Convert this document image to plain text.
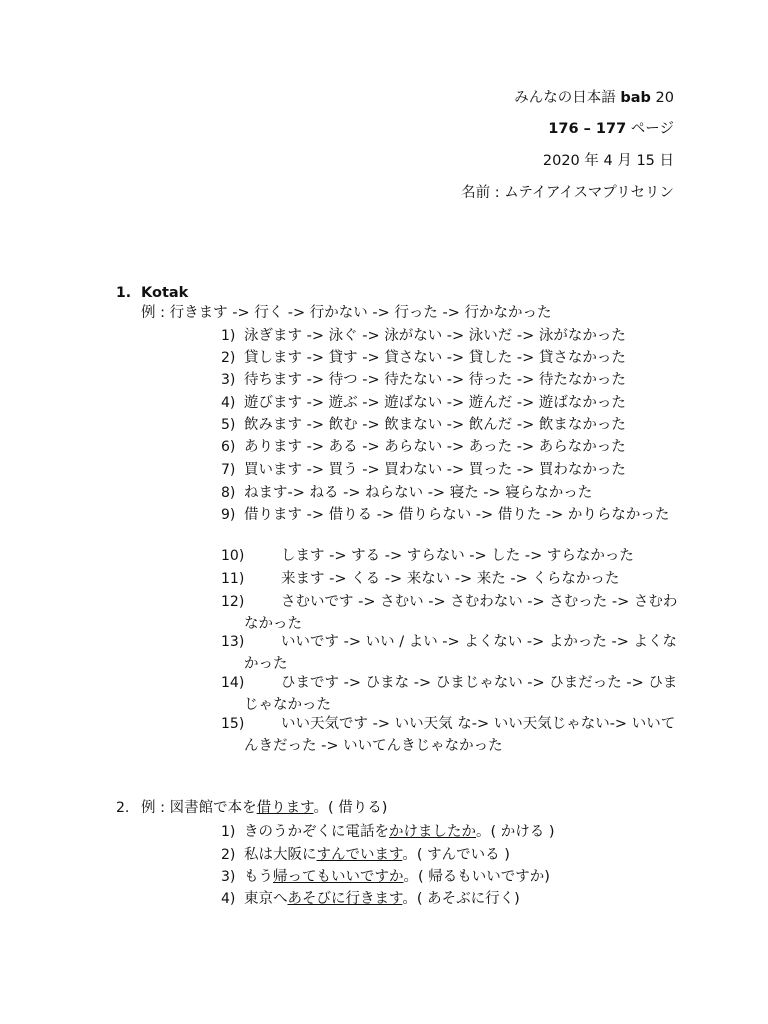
みんなの日本語 bab 20
176 – 177 ページ
2020 年 4 月 15 日
名前 : ムテイアイスマプリセリン
1. Kotak
例 : 行きます -> 行く -> 行かない -> 行った -> 行かなかった
1) 泳ぎます -> 泳ぐ -> 泳がない -> 泳いだ -> 泳がなかった
2) 貸します -> 貸す -> 貸さない -> 貸した -> 貸さなかった
3) 待ちます -> 待つ -> 待たない -> 待った -> 待たなかった
4) 遊びます -> 遊ぶ -> 遊ばない -> 遊んだ -> 遊ばなかった
5) 飲みます -> 飲む -> 飲まない -> 飲んだ -> 飲まなかった
6) あります -> ある -> あらない -> あった -> あらなかった
7) 買います -> 買う -> 買わない -> 買った -> 買わなかった
8) ねます-> ねる -> ねらない -> 寝た -> 寝らなかった
9) 借ります -> 借りる -> 借りらない -> 借りた -> かりらなかった
10)	します -> する -> すらない -> した -> すらなかった
11)	来ます -> くる -> 来ない -> 来た -> くらなかった
12)	さむいです -> さむい -> さむわない -> さむった -> さむわなかった
13)	いいです -> いい / よい -> よくない -> よかった -> よくなかった
14)	ひまです -> ひまな -> ひまじゃない -> ひまだった -> ひまじゃなかった
15)	いい天気です -> いい天気 な-> いい天気じゃない-> いいてんきだった -> いいてんきじゃなかった
2. 例 : 図書館で本を借ります。( 借りる)
1) きのうかぞくに電話をかけましたか。( かける )
2) 私は大阪にすんでいます。( すんでいる )
3) もう帰ってもいいですか。( 帰るもいいですか)
4) 東京へあそびに行きます。( あそぶに行く)
